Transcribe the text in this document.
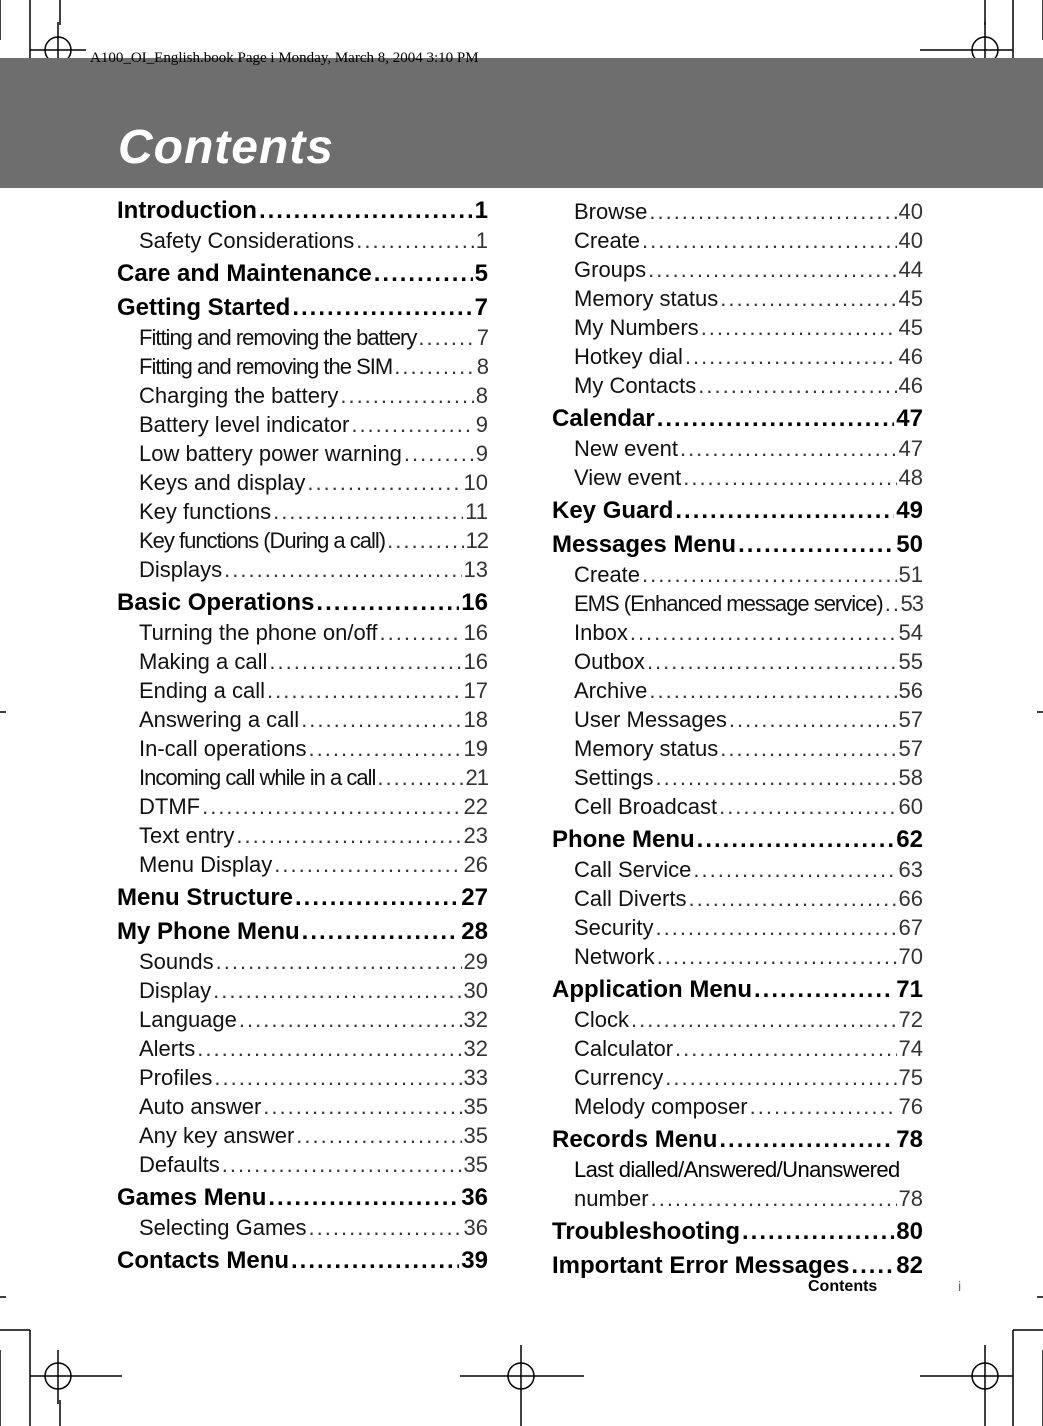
A100_OI_English.book Page i Monday, March 8, 2004 3:10 PM
Contents
Introduction .....	1
Safety Considerations .....	1
Care and Maintenance .....	5
Getting Started .....	7
Fitting and removing the battery .....	7
Fitting and removing the SIM .....	8
Charging the battery .....	8
Battery level indicator .....	9
Low battery power warning .....	9
Keys and display .....	10
Key functions .....	11
Key functions (During a call) .....	12
Displays .....	13
Basic Operations .....	16
Turning the phone on/off .....	16
Making a call .....	16
Ending a call .....	17
Answering a call .....	18
In-call operations .....	19
Incoming call while in a call .....	21
DTMF .....	22
Text entry .....	23
Menu Display .....	26
Menu Structure .....	27
My Phone Menu .....	28
Sounds .....	29
Display .....	30
Language .....	32
Alerts .....	32
Profiles .....	33
Auto answer .....	35
Any key answer .....	35
Defaults .....	35
Games Menu .....	36
Selecting Games .....	36
Contacts Menu .....	39
Browse .....	40
Create .....	40
Groups .....	44
Memory status .....	45
My Numbers .....	45
Hotkey dial .....	46
My Contacts .....	46
Calendar .....	47
New event .....	47
View event .....	48
Key Guard .....	49
Messages Menu .....	50
Create .....	51
EMS (Enhanced message service) ..... 53
Inbox .....	54
Outbox .....	55
Archive .....	56
User Messages .....	57
Memory status .....	57
Settings .....	58
Cell Broadcast .....	60
Phone Menu .....	62
Call Service .....	63
Call Diverts .....	66
Security .....	67
Network .....	70
Application Menu .....	71
Clock .....	72
Calculator .....	74
Currency .....	75
Melody composer .....	76
Records Menu .....	78
Last dialled/Answered/Unanswered
number .....	78
Troubleshooting .....	80
Important Error Messages ..... 82
Contents	i
